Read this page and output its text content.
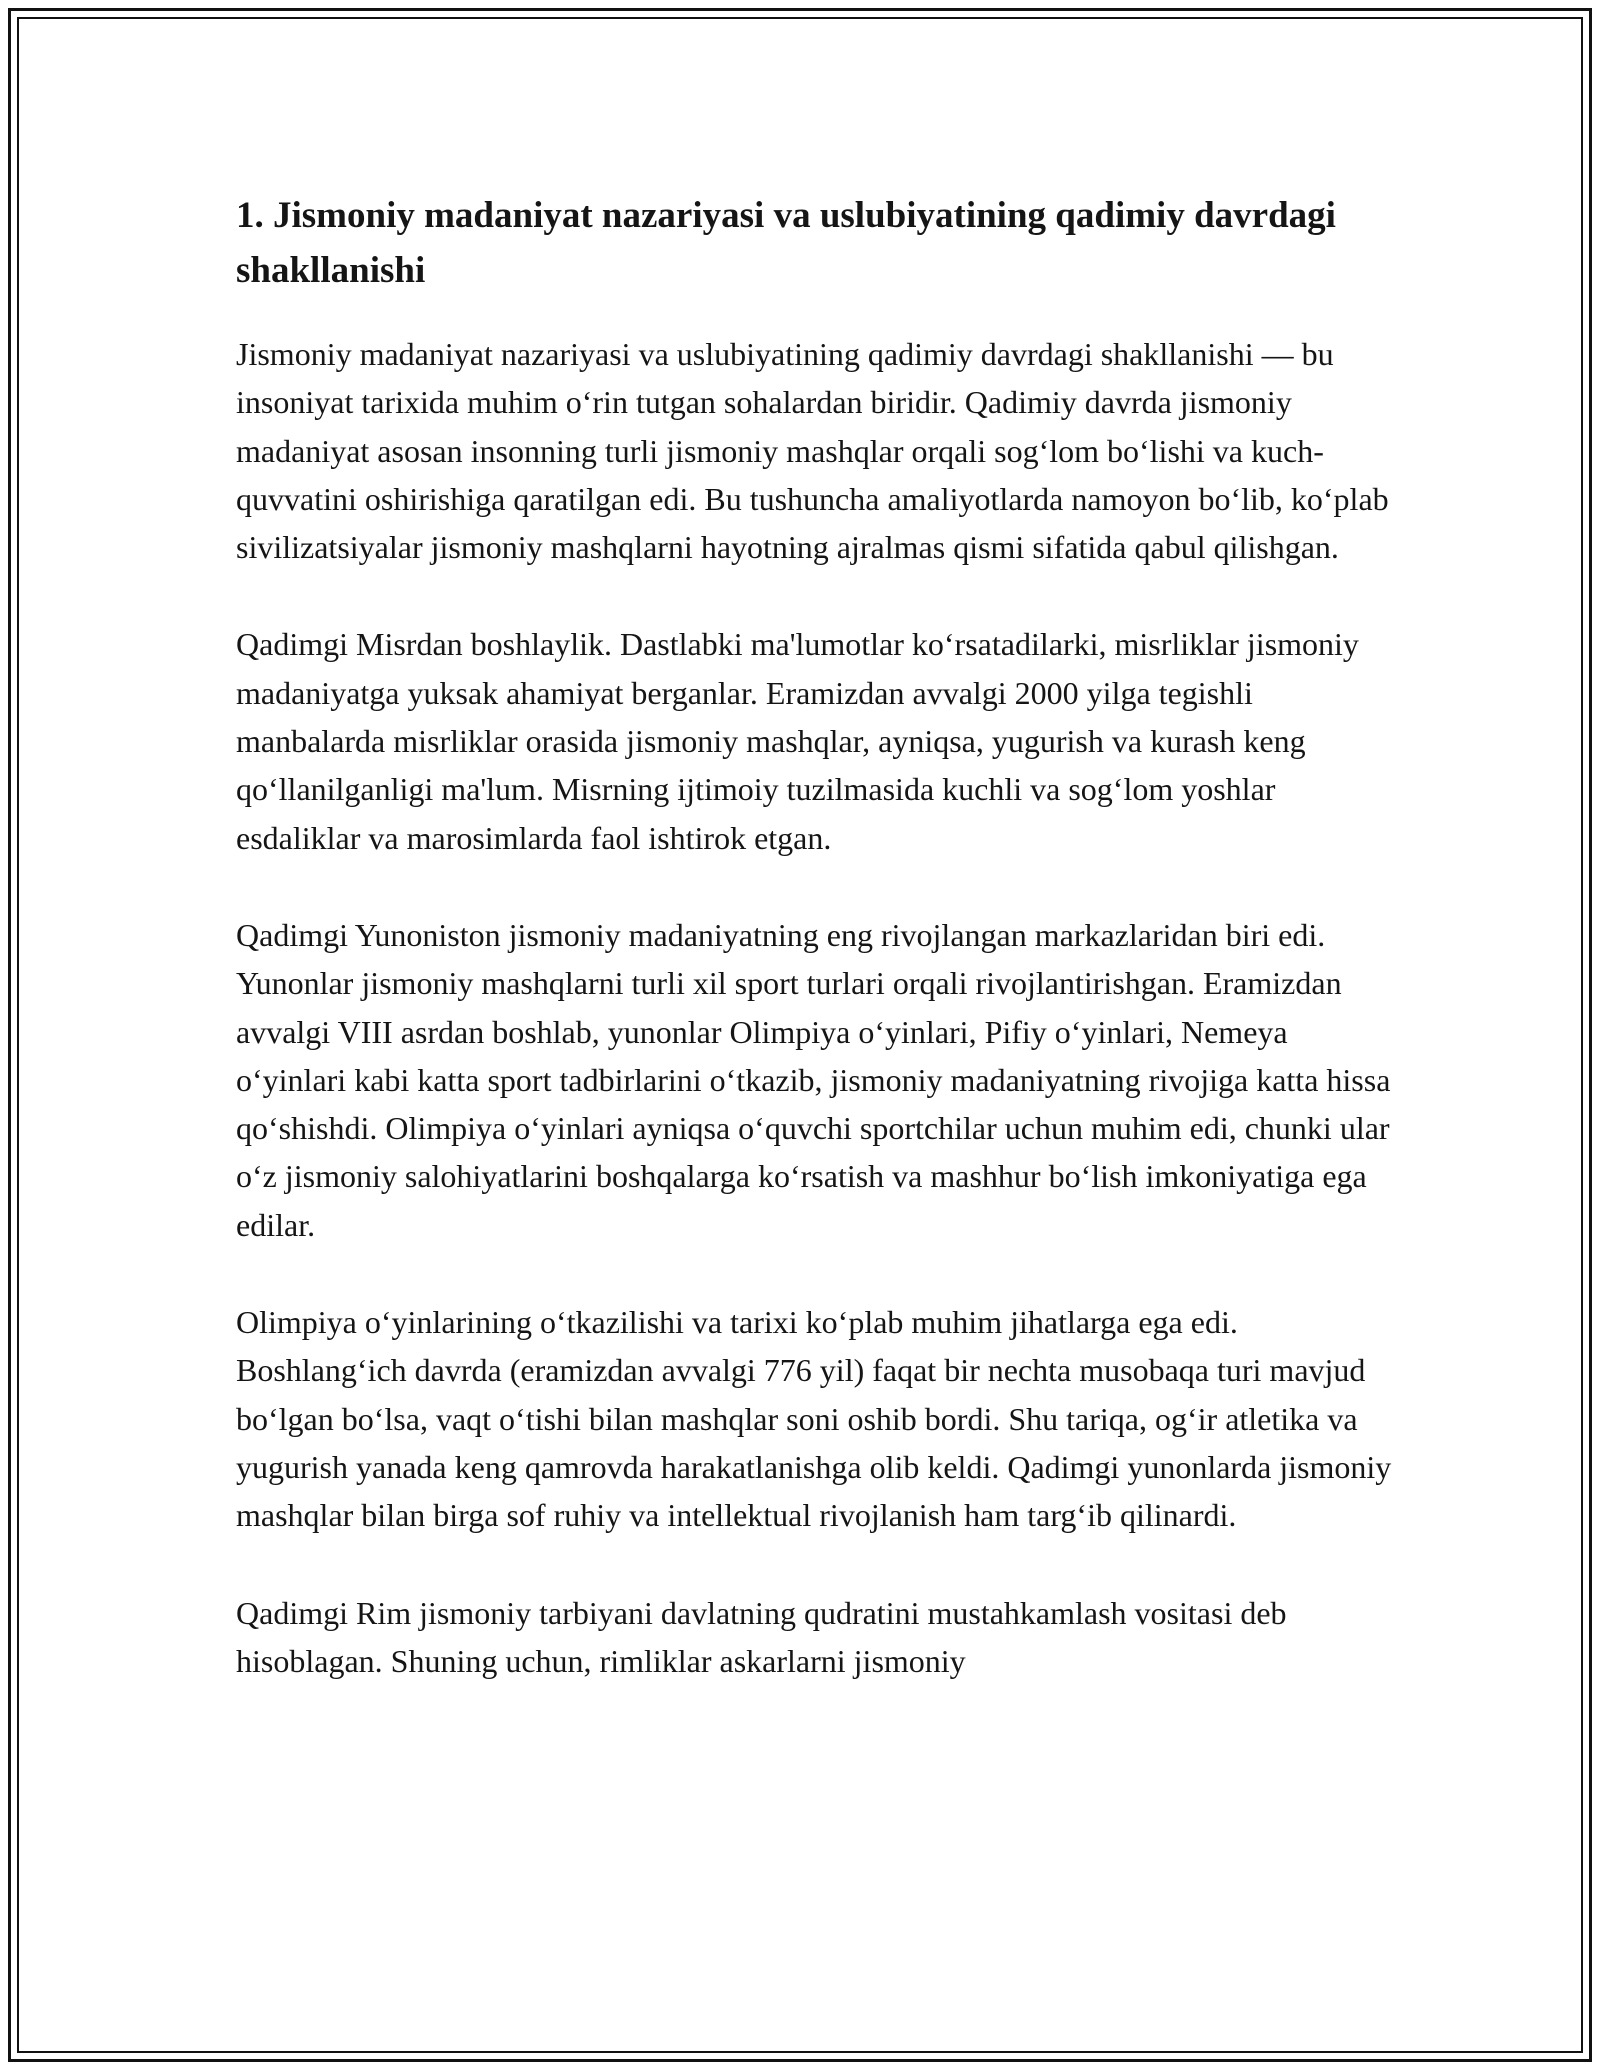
1. Jismoniy madaniyat nazariyasi va uslubiyatining qadimiy davrdagi shakllanishi

Jismoniy madaniyat nazariyasi va uslubiyatining qadimiy davrdagi shakllanishi — bu insoniyat tarixida muhim oʻrin tutgan sohalardan biridir. Qadimiy davrda jismoniy madaniyat asosan insonning turli jismoniy mashqlar orqali sogʻlom boʻlishi va kuch-quvvatini oshirishiga qaratilgan edi. Bu tushuncha amaliyotlarda namoyon boʻlib, koʻplab sivilizatsiyalar jismoniy mashqlarni hayotning ajralmas qismi sifatida qabul qilishgan.

Qadimgi Misrdan boshlaylik. Dastlabki ma'lumotlar koʻrsatadilarki, misrliklar jismoniy madaniyatga yuksak ahamiyat berganlar. Eramizdan avvalgi 2000 yilga tegishli manbalarda misrliklar orasida jismoniy mashqlar, ayniqsa, yugurish va kurash keng qoʻllanilganligi ma'lum. Misrning ijtimoiy tuzilmasida kuchli va sogʻlom yoshlar esdaliklar va marosimlarda faol ishtirok etgan.

Qadimgi Yunoniston jismoniy madaniyatning eng rivojlangan markazlaridan biri edi. Yunonlar jismoniy mashqlarni turli xil sport turlari orqali rivojlantirishgan. Eramizdan avvalgi VIII asrdan boshlab, yunonlar Olimpiya oʻyinlari, Pifiy oʻyinlari, Nemeya oʻyinlari kabi katta sport tadbirlarini oʻtkazib, jismoniy madaniyatning rivojiga katta hissa qoʻshishdi. Olimpiya oʻyinlari ayniqsa oʻquvchi sportchilar uchun muhim edi, chunki ular oʻz jismoniy salohiyatlarini boshqalarga koʻrsatish va mashhur boʻlish imkoniyatiga ega edilar.

Olimpiya oʻyinlarining oʻtkazilishi va tarixi koʻplab muhim jihatlarga ega edi. Boshlangʻich davrda (eramizdan avvalgi 776 yil) faqat bir nechta musobaqa turi mavjud boʻlgan boʻlsa, vaqt oʻtishi bilan mashqlar soni oshib bordi. Shu tariqa, ogʻir atletika va yugurish yanada keng qamrovda harakatlanishga olib keldi. Qadimgi yunonlarda jismoniy mashqlar bilan birga sof ruhiy va intellektual rivojlanish ham targʻib qilinardi.

Qadimgi Rim jismoniy tarbiyani davlatning qudratini mustahkamlash vositasi deb hisoblagan. Shuning uchun, rimliklar askarlarni jismoniy
